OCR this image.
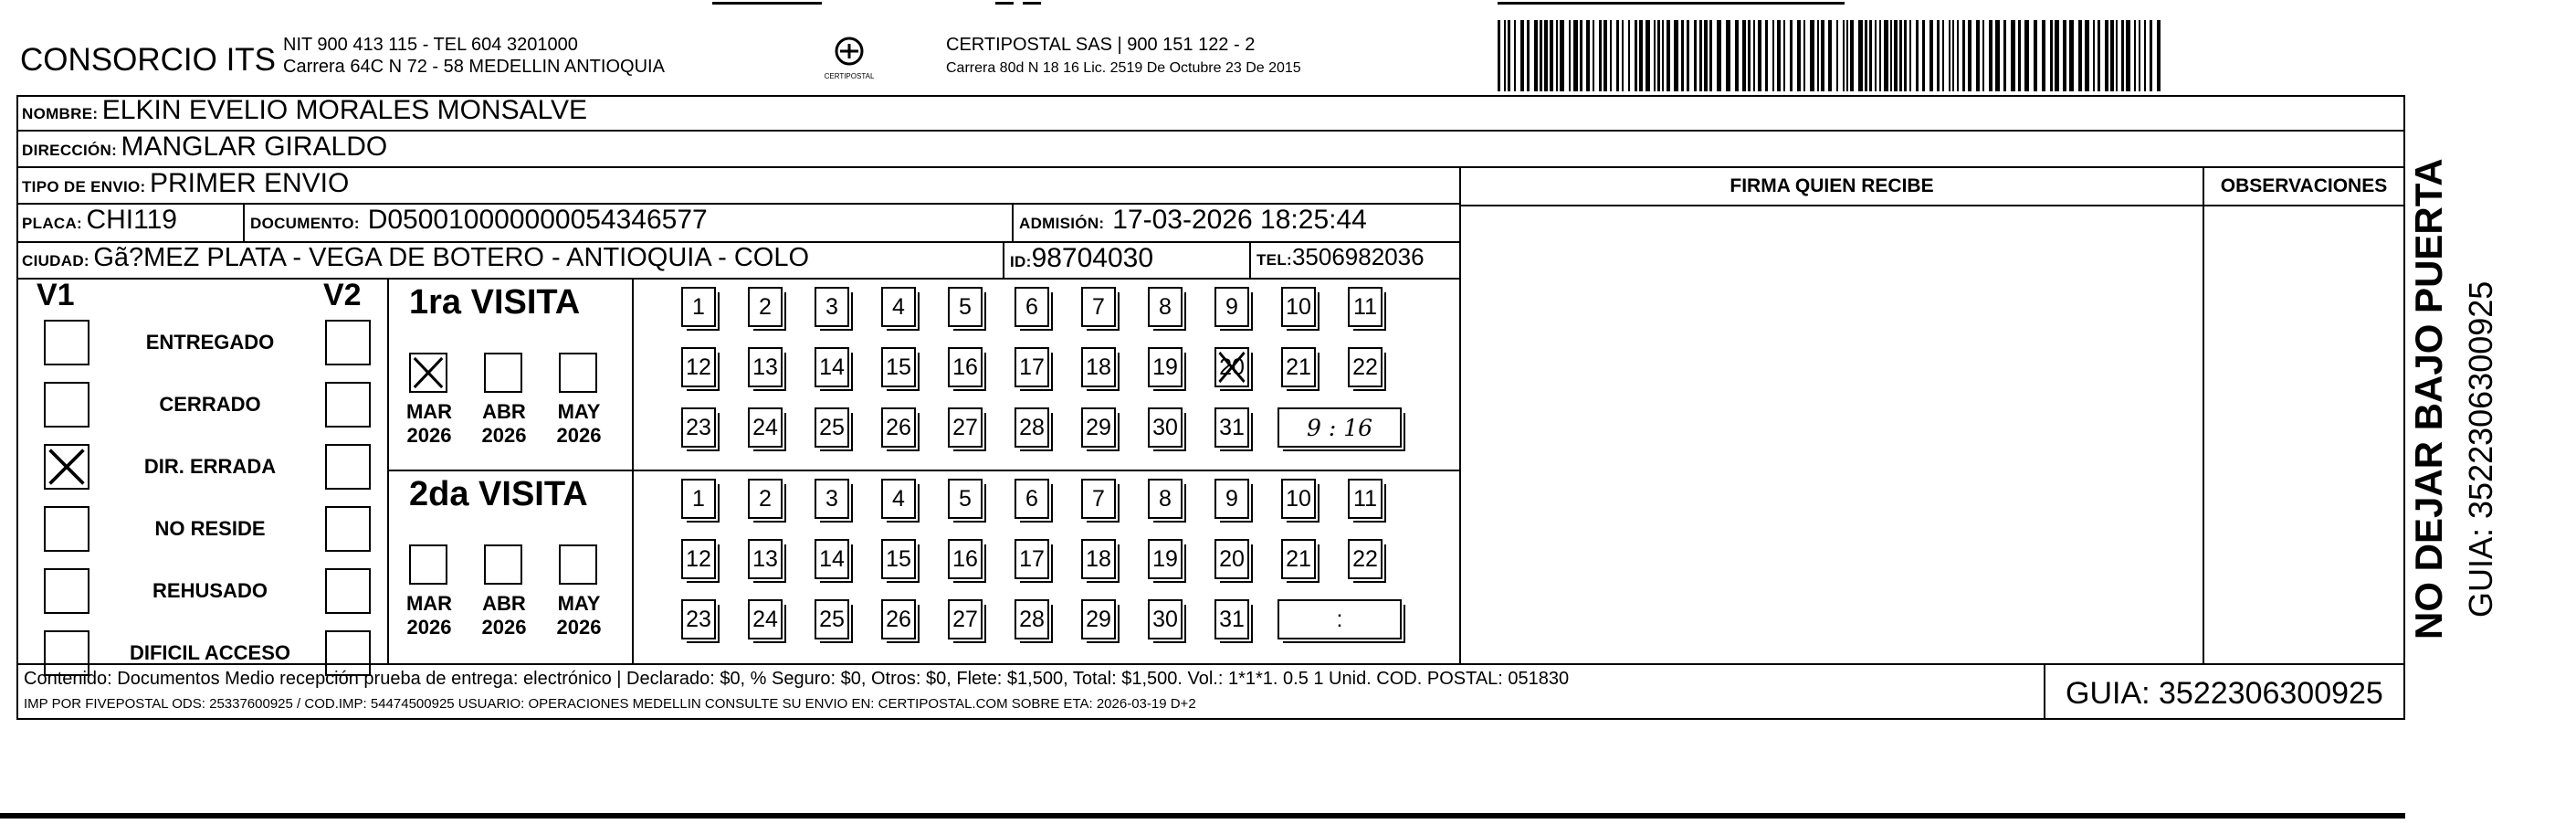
CONSORCIO ITS NIT 900 413 115 - TEL 604 3201000
Carrera 64C N 72 - 58 MEDELLIN ANTIOQUIA	CERTIPOSTAL
CERTIPOSTAL SAS | 900 151 122 - 2
Carrera 80d N 18 16 Lic. 2519 De Octubre 23 De 2015
NOMBRE:
ELKIN EVELIO MORALES MONSALVE
DIRECCIÓN:
MANGLAR GIRALDO
TIPO DE ENVIO:
PRIMER ENVIO
PLACA:
CHI119	DOCUMENTO:
D050010000000054346577	ADMISIÓN:
17-03-2026 18:25:44
CIUDAD:
Gã?MEZ PLATA - VEGA DE BOTERO - ANTIOQUIA - COLO	ID: 98704030	TEL: 3506982036
FIRMA QUIEN RECIBE	OBSERVACIONES
V1	V2
ENTREGADO
CERRADO
DIR. ERRADA
NO RESIDE
REHUSADO
DIFICIL ACCESO
1ra VISITA
2da VISITA
MAR
2026
ABR
2026
MAY
2026
1	2	3	4	5	6	7	8	9	10 11
12 13 14 15 16 17 18 19 20 21 22
23 24 25 26 27 28 29 30 31	9 : 16
MAR
2026
ABR
2026
MAY
2026
1	2	3	4	5	6	7	8	9	10 11
12 13 14 15 16 17 18 19 20 21 22
23 24 25 26 27 28 29 30 31	:
Contenido: Documentos Medio recepción prueba de entrega: electrónico | Declarado: $0, % Seguro: $0, Otros: $0, Flete: $1,500, Total: $1,500. Vol.: 1*1*1. 0.5 1 Unid. COD. POSTAL: 051830
IMP POR FIVEPOSTAL ODS: 25337600925 / COD.IMP: 54474500925 USUARIO: OPERACIONES MEDELLIN CONSULTE SU ENVIO EN: CERTIPOSTAL.COM SOBRE ETA: 2026-03-19 D+2	GUIA: 3522306300925
NO DEJAR BAJO PUERTA GUIA: 3522306300925
